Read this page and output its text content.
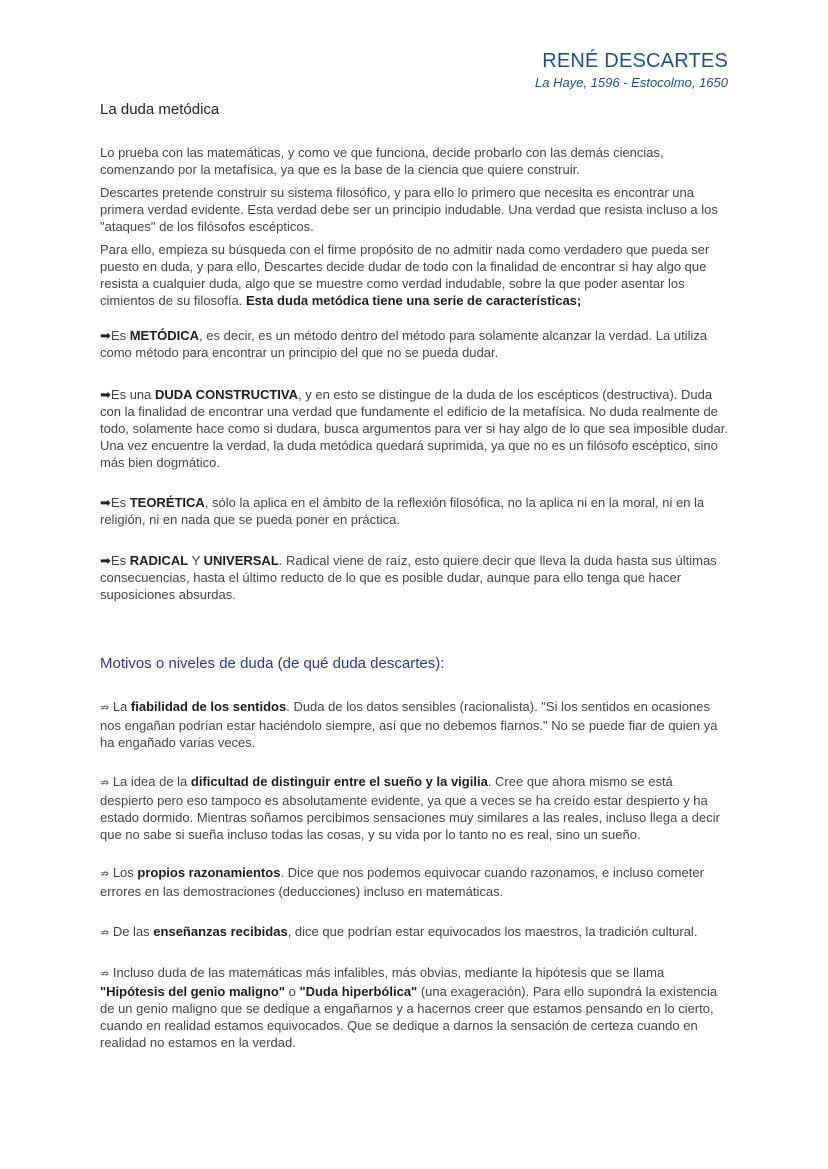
RENÉ DESCARTES
La Haye, 1596 - Estocolmo, 1650
La duda metódica

Lo prueba con las matemáticas, y como ve que funciona, decide probarlo con las demás ciencias, comenzando por la metafísica, ya que es la base de la ciencia que quiere construir.

Descartes pretende construir su sistema filosófico, y para ello lo primero que necesita es encontrar una primera verdad evidente. Esta verdad debe ser un principio indudable. Una verdad que resista incluso a los "ataques" de los filósofos escépticos.

Para ello, empieza su búsqueda con el firme propósito de no admitir nada como verdadero que pueda ser puesto en duda, y para ello, Descartes decide dudar de todo con la finalidad de encontrar si hay algo que resista a cualquier duda, algo que se muestre como verdad indudable, sobre la que poder asentar los cimientos de su filosofía. Esta duda metódica tiene una serie de características;

➡Es METÓDICA, es decir, es un método dentro del método para solamente alcanzar la verdad. La utiliza como método para encontrar un principio del que no se pueda dudar.

➡Es una DUDA CONSTRUCTIVA, y en esto se distingue de la duda de los escépticos (destructiva). Duda con la finalidad de encontrar una verdad que fundamente el edificio de la metafísica. No duda realmente de todo, solamente hace como si dudara, busca argumentos para ver si hay algo de lo que sea imposible dudar. Una vez encuentre la verdad, la duda metódica quedará suprimida, ya que no es un filósofo escéptico, sino más bien dogmático.

➡Es TEORÉTICA, sólo la aplica en el ámbito de la reflexión filosófica, no la aplica ni en la moral, ni en la religión, ni en nada que se pueda poner en práctica.

➡Es RADICAL Y UNIVERSAL. Radical viene de raíz, esto quiere decir que lleva la duda hasta sus últimas consecuencias, hasta el último reducto de lo que es posible dudar, aunque para ello tenga que hacer suposiciones absurdas.

Motivos o niveles de duda (de qué duda descartes):

⇏ La fiabilidad de los sentidos. Duda de los datos sensibles (racionalista). "Si los sentidos en ocasiones nos engañan podrían estar haciéndolo siempre, así que no debemos fiarnos." No se puede fiar de quien ya ha engañado varias veces.

⇏ La idea de la dificultad de distinguir entre el sueño y la vigilia. Cree que ahora mismo se está despierto pero eso tampoco es absolutamente evidente, ya que a veces se ha creído estar despierto y ha estado dormido. Mientras soñamos percibimos sensaciones muy similares a las reales, incluso llega a decir que no sabe si sueña incluso todas las cosas, y su vida por lo tanto no es real, sino un sueño.

⇏ Los propios razonamientos. Dice que nos podemos equivocar cuando razonamos, e incluso cometer errores en las demostraciones (deducciones) incluso en matemáticas.

⇏ De las enseñanzas recibidas, dice que podrían estar equivocados los maestros, la tradición cultural.

⇏ Incluso duda de las matemáticas más infalibles, más obvias, mediante la hipótesis que se llama "Hipótesis del genio maligno" o "Duda hiperbólica" (una exageración). Para ello supondrá la existencia de un genio maligno que se dedique a engañarnos y a hacernos creer que estamos pensando en lo cierto, cuando en realidad estamos equivocados. Que se dedique a darnos la sensación de certeza cuando en realidad no estamos en la verdad.
